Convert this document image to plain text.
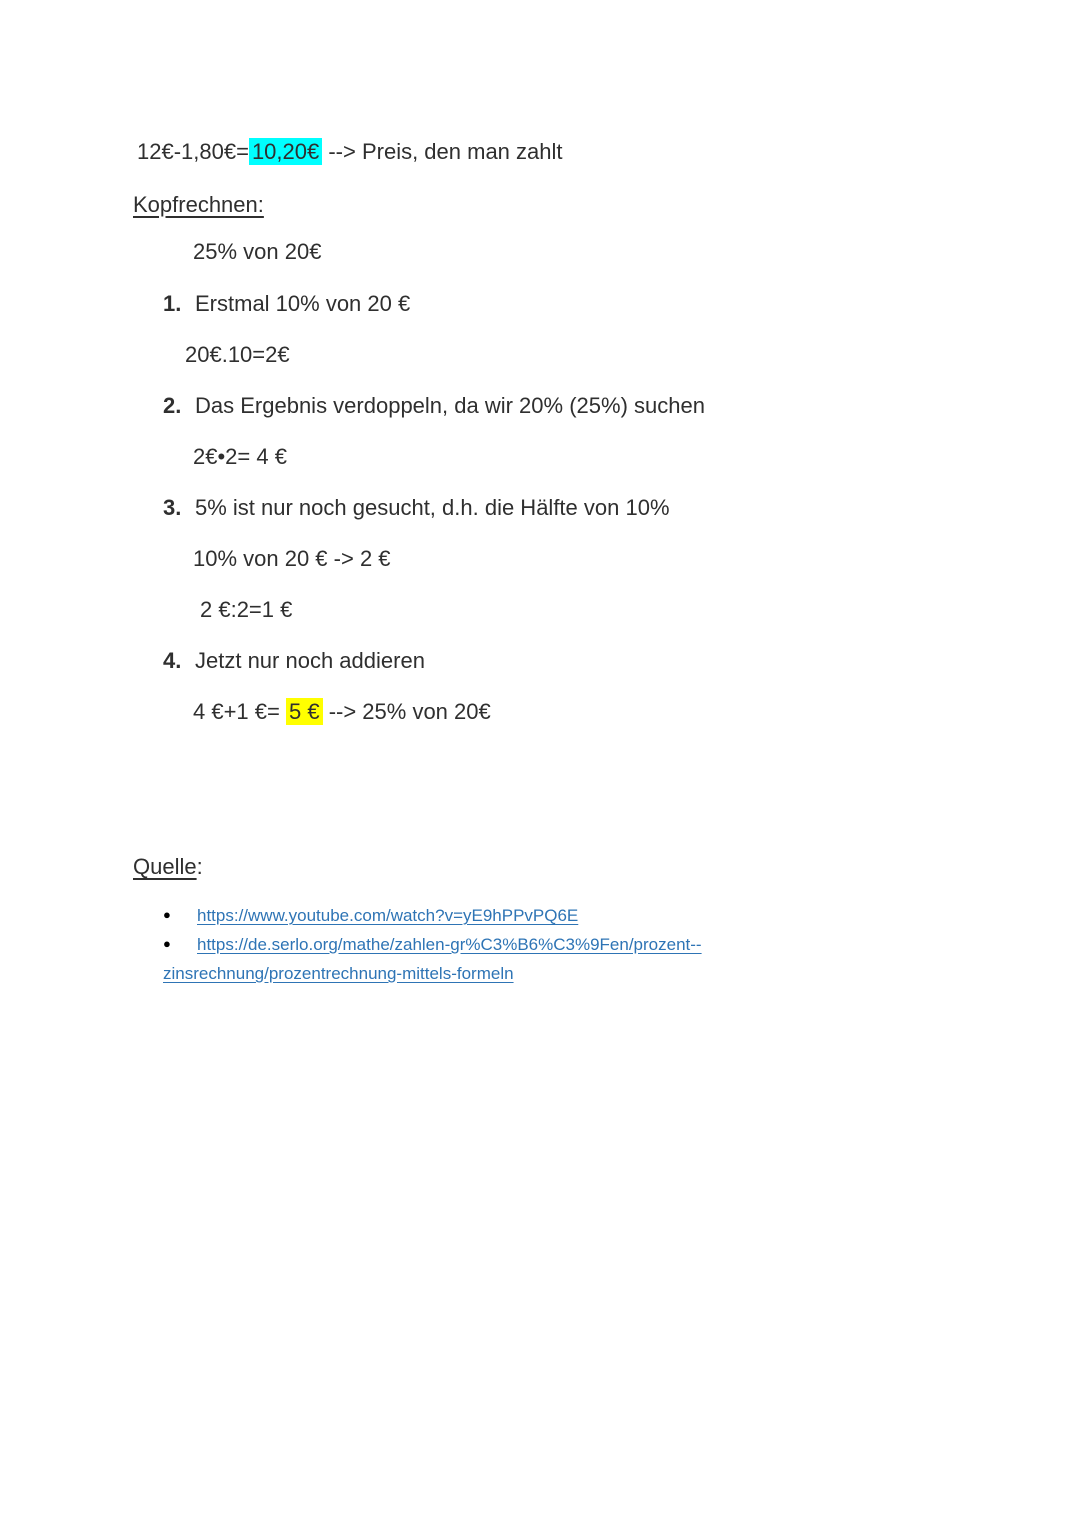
12€-1,80€= 10,20€ --> Preis, den man zahlt
Kopfrechnen:
25% von 20€
1. Erstmal 10% von 20 €
20€.10=2€
2. Das Ergebnis verdoppeln, da wir 20% (25%) suchen
2€•2= 4 €
3. 5% ist nur noch gesucht, d.h. die Hälfte von 10%
10% von 20 € -> 2 €
2 €:2=1 €
4. Jetzt nur noch addieren
4 €+1 €= 5 € --> 25% von 20€
Quelle:
● https://www.youtube.com/watch?v=yE9hPPvPQ6E
● https://de.serlo.org/mathe/zahlen-gr%C3%B6%C3%9Fen/prozent--
zinsrechnung/prozentrechnung-mittels-formeln
